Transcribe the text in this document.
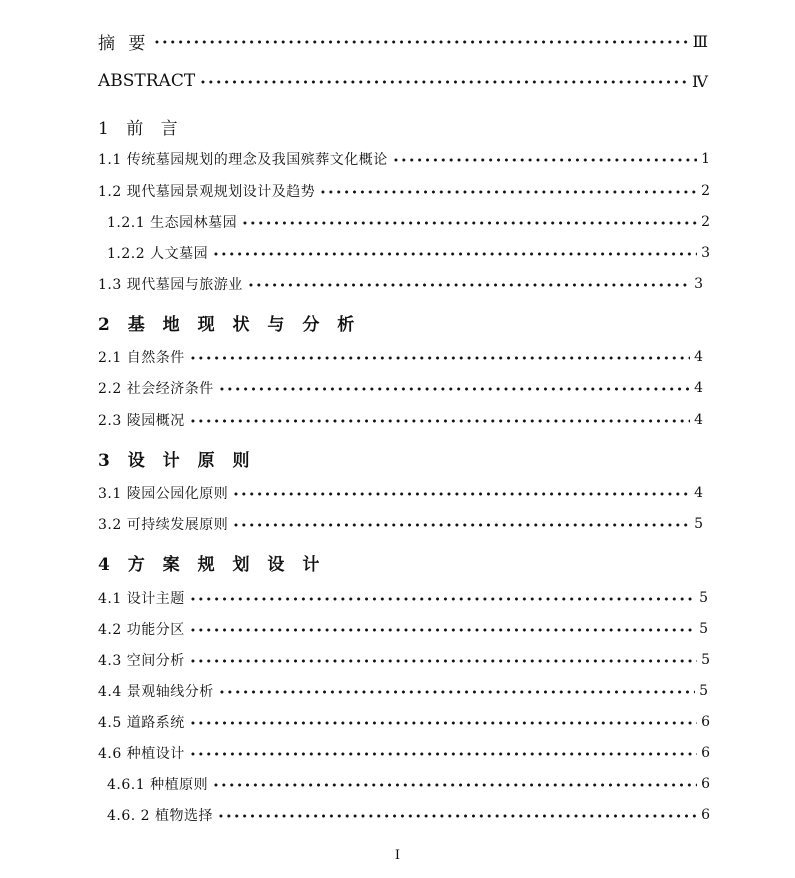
摘 要	Ⅲ
ABSTRACT	Ⅳ
1 前 言
1.1 传统墓园规划的理念及我国殡葬文化概论	1
1.2 现代墓园景观规划设计及趋势	2
1.2.1 生态园林墓园	2
1.2.2 人文墓园	3
1.3 现代墓园与旅游业	3
2 基 地 现 状 与 分 析
2.1 自然条件	4
2.2 社会经济条件	4
2.3 陵园概况	4
3 设 计 原 则
3.1 陵园公园化原则	4
3.2 可持续发展原则	5
4 方 案 规 划 设 计
4.1 设计主题	5
4.2 功能分区	5
4.3 空间分析	5
4.4 景观轴线分析	5
4.5 道路系统	6
4.6 种植设计	6
4.6.1 种植原则	6
4.6. 2 植物选择	6
I
